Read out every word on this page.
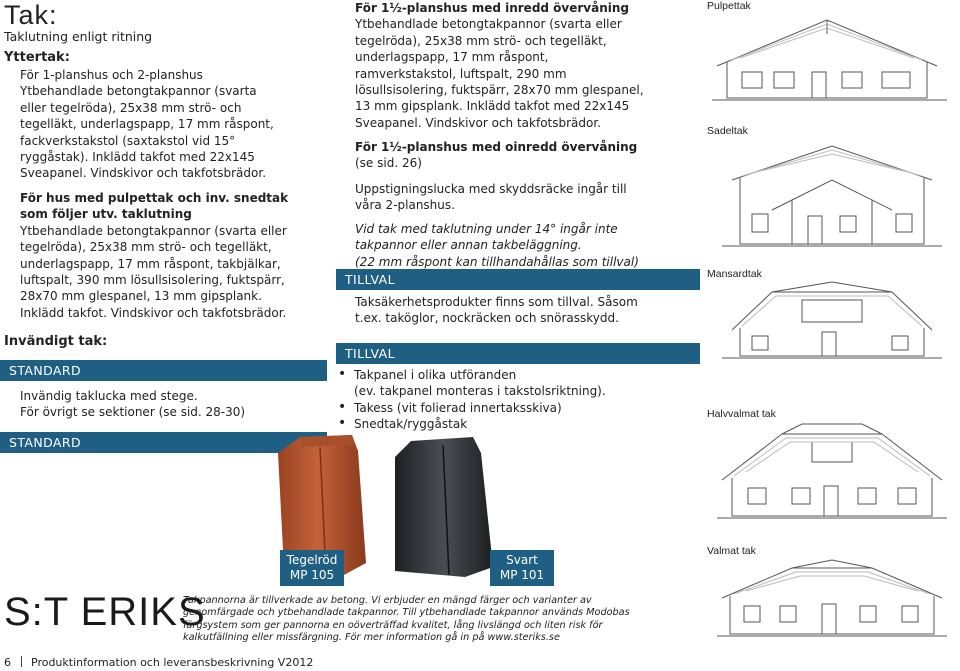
Tak:
Taklutning enligt ritning
Yttertak:
För 1-planshus och 2-planshus
Ytbehandlade betongtakpannor (svarta
eller tegelröda), 25x38 mm strö- och
tegelläkt, underlagspapp, 17 mm råspont,
fackverkstakstol (saxtakstol vid 15°
ryggåstak). Inklädd takfot med 22x145
Sveapanel. Vindskivor och takfotsbrädor.
För hus med pulpettak och inv. snedtak
som följer utv. taklutning
Ytbehandlade betongtakpannor (svarta eller
tegelröda), 25x38 mm strö- och tegelläkt,
underlagspapp, 17 mm råspont, takbjälkar,
luftspalt, 390 mm lösullsisolering, fuktspärr,
28x70 mm glespanel, 13 mm gipsplank.
Inklädd takfot. Vindskivor och takfotsbrädor.
Invändigt tak:
STANDARD
Invändig taklucka med stege.
För övrigt se sektioner (se sid. 28-30)
STANDARD
För 1½-planshus med inredd övervåning
Ytbehandlade betongtakpannor (svarta eller
tegelröda), 25x38 mm strö- och tegelläkt,
underlagspapp, 17 mm råspont,
ramverkstakstol, luftspalt, 290 mm
lösullsisolering, fuktspärr, 28x70 mm glespanel,
13 mm gipsplank. Inklädd takfot med 22x145
Sveapanel. Vindskivor och takfotsbrädor.
För 1½-planshus med oinredd övervåning
(se sid. 26)
Uppstigningslucka med skyddsräcke ingår till
våra 2-planshus.
Vid tak med taklutning under 14° ingår inte
takpannor eller annan takbeläggning.
(22 mm råspont kan tillhandahållas som tillval)
TILLVAL
Taksäkerhetsprodukter finns som tillval. Såsom
t.ex. taköglor, nockräcken och snörasskydd.
TILLVAL
• Takpanel i olika utföranden
(ev. takpanel monteras i takstolsriktning).
• Takess (vit folierad innertaksskiva)
• Snedtak/ryggåstak
Tegelröd
MP 105
Svart
MP 101
Pulpettak
Sadeltak
Mansardtak
Halvvalmat tak
Valmat tak
S:T ERIKS
Takpannorna är tillverkade av betong. Vi erbjuder en mängd färger och varianter av
genomfärgade och ytbehandlade takpannor. Till ytbehandlade takpannor används Modobas
färgsystem som ger pannorna en oöverträffad kvalitet, lång livslängd och liten risk för
kalkutfällning eller missfärgning. För mer information gå in på www.steriks.se
6 Produktinformation och leveransbeskrivning V2012
